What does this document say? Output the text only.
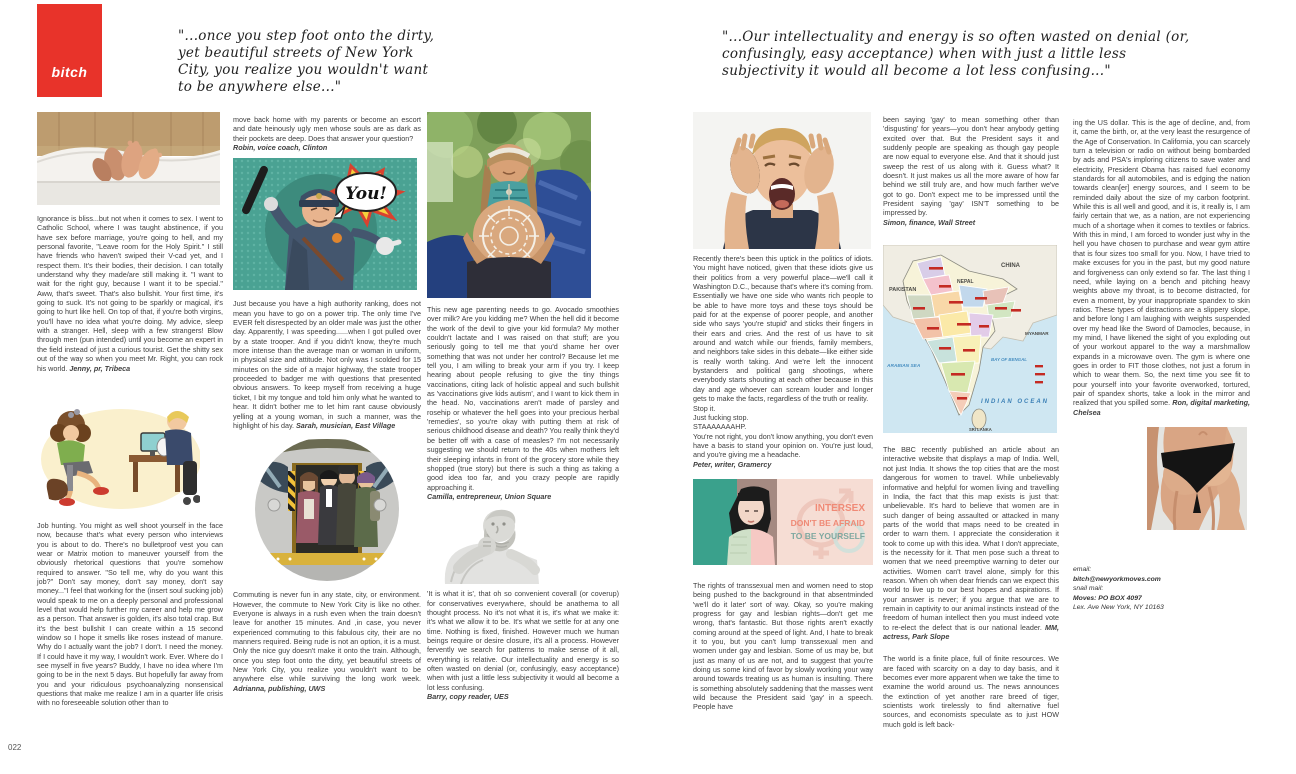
bitch
"...once you step foot onto the dirty, yet beautiful streets of New York City, you realize you wouldn't want to be anywhere else..."
"...Our intellectuality and energy is so often wasted on denial (or, confusingly, easy acceptance) when with just a little less subjectivity it would all become a lot less confusing..."
Ignorance is bliss...but not when it comes to sex. I went to Catholic School, where I was taught abstinence, if you have sex before marriage, you're going to hell, and my personal favorite, "Leave room for the Holy Spirit." I still have friends who haven't swiped their V-cad yet, and I respect them. It's their bodies, their decision. I can totally understand why they made/are still making it. "I want to wait for the right guy, because I want it to be special." Aww, that's sweet. That's also bullshit. Your first time, it's going to suck. It's not going to be sparkly or magical, it's going to hurt like hell. On top of that, if you're both virgins, you'll have no idea what you're doing. My advice, sleep with a stranger. Hell, sleep with a few strangers! Blow through men (pun intended) until you become an expert in the field instead of just a curious tourist. Get the shitty sex out of the way so when you meet Mr. Right, you can rock his world. Jenny, pr, Tribeca
Job hunting. You might as well shoot yourself in the face now, because that's what every person who interviews you is about to do. There's no bulletproof vest you can wear or Matrix motion to maneuver yourself from the obviously rhetorical questions that you're somehow required to answer. "So tell me, why do you want this job?" Don't say money, don't say money, don't say money..."I feel that working for the (insert soul sucking job) would speak to me on a deeply personal and professional level that would help further my career and help me grow as a person. That answer is golden, it's also total crap. But it's the best bullshit I can create within a 15 second window so I hope it smells like roses instead of manure. Why do I actually want the job? I don't. I need the money. If I could have it my way, I wouldn't work. Ever. Where do I see myself in five years? Buddy, I have no idea where I'm going to be in the next 5 days. But hopefully far away from you and your ridiculous psychoanalyzing nonsensical questions that make me realize I am in a quarter life crisis with no foreseeable solution other than to
move back home with my parents or become an escort and date heinously ugly men whose souls are as dark as their pockets are deep. Does that answer your question?
Robin, voice coach, Clinton
You!
Just because you have a high authority ranking, does not mean you have to go on a power trip. The only time I've EVER felt disrespected by an older male was just the other day. Apparently, I was speeding......when I got pulled over by a state trooper. And if you didn't know, they're much more intense than the average man or woman in uniform, in physical size and attitude. Not only was I scolded for 15 minutes on the side of a major highway, the state trooper proceeded to badger me with questions that presented obvious answers. To keep myself from receiving a huge ticket, I bit my tongue and told him only what he wanted to hear. It didn't bother me to let him rant cause obviously yelling at a young woman, in such a manner, was the highlight of his day. Sarah, musician, East Village
Commuting is never fun in any state, city, or environment. However, the commute to New York City is like no other. Everyone is always in a rush even when the train doesn't leave for another 15 minutes. And ,in case, you never experienced commuting to this fabulous city, their are no manners required. Being rude is not an option, it is a must. Only the nice guy doesn't make it onto the train. Although, once you step foot onto the dirty, yet beautiful streets of New York City, you realize you wouldn't want to be anywhere else while surviving the long work week. Adrianna, publishing, UWS
This new age parenting needs to go. Avocado smoothies over milk? Are you kidding me? When the hell did it become the work of the devil to give your kid formula? My mother couldn't lactate and I was raised on that stuff; are you seriously going to tell me that you'd shame her over something that was not under her control? Because let me tell you, I am willing to break your arm if you try. I keep hearing about people refusing to give the tiny things vaccinations, citing lack of holistic appeal and such bullshit as 'vaccinations give kids autism', and I want to kick them in the head. No, vaccinations aren't made of parsley and rosehip or whatever the hell goes into your precious herbal 'remedies', so you're okay with putting them at risk of serious childhood disease and death? You really think they'd be better off with a case of measles? I'm not necessarily suggesting we should return to the 40s when mothers left their sleeping infants in front of the grocery store while they shopped (true story) but there is such a thing as taking a good idea too far, and you crazy people are rapidly approaching it.
Camilla, entrepreneur, Union Square
'It is what it is', that oh so convenient coverall (or coverup) for conservatives everywhere, should be anathema to all thought process. No it's not what it is, it's what we make it: it's what we allow it to be. It's what we settle for at any one time. Nothing is fixed, finished. However much we human beings require or desire closure, it's all a process. However fervently we search for patterns to make sense of it all, everything is relative. Our intellectuality and energy is so often wasted on denial (or, confusingly, easy acceptance) when with just a little less subjectivity it would all become a lot less confusing.
Barry, copy reader, UES
Recently there's been this uptick in the politics of idiots. You might have noticed, given that these idiots give us their politics from a very powerful place—we'll call it Washington D.C., because that's where it's coming from. Essentially we have one side who wants rich people to be able to have more toys and these toys should be paid for at the expense of poorer people, and another side who says 'you're stupid' and sticks their fingers in their ears and cries. And the rest of us have to sit around and watch while our friends, family members, and neighbors take sides in this debate—like either side is really worth taking. And we're left the innocent bystanders and political gang shootings, where everybody starts shouting at each other because in this day and age whoever can scream louder and longer gets to make the facts, regardless of the truth or reality.
Stop it.
Just fucking stop.
STAAAAAAAHP.
You're not right, you don't know anything, you don't even have a basis to stand your opinion on. You're just loud, and you're giving me a headache.
Peter, writer, Gramercy
INTERSEX
DON'T BE AFRAID
TO BE YOURSELF
The rights of transsexual men and women need to stop being pushed to the background in that absentminded 'we'll do it later' sort of way. Okay, so you're making progress for gay and lesbian rights—don't get me wrong, that's fantastic. But those rights aren't exactly coming around at the speed of light. And, I hate to break it to you, but you can't lump transsexual men and women under gay and lesbian. Some of us may be, but just as many of us are not, and to suggest that you're doing us some kind of favor by slowly working your way around towards treating us as human is insulting. There is something absolutely saddening that the masses went wild because the President said 'gay' in a speech. People have
been saying 'gay' to mean something other than 'disgusting' for years—you don't hear anybody getting excited over that. But the President says it and suddenly people are speaking as though gay people are now equal to everyone else. And that it should just sweep the rest of us along with it. Guess what? It doesn't. It just makes us all the more aware of how far behind we still truly are, and how much farther we've got to go. Don't expect me to be impressed until the President saying 'gay' ISN'T something to be impressed by.
Simon, finance, Wall Street
CHINA
PAKISTAN
NEPAL
MYANMAR
ARABIAN SEA
BAY OF BENGAL
INDIAN OCEAN
SRI LANKA
The BBC recently published an article about an interactive website that displays a map of India. Well, not just India. It shows the top cities that are the most dangerous for women to travel. While unbelievably informative and helpful for women living and travelling in India, the fact that this map exists is just that: unbelievable. It's hard to believe that women are in such danger of being assaulted or attacked in many parts of the world that maps need to be created in order to warn them. I appreciate the consideration it took to come up with this idea. What I don't appreciate, is the necessity for it. That men pose such a threat to women that we need preemptive warning to deter our activities. Women can't travel alone, simply for this reason. When oh when dear friends can we expect this world to live up to our best hopes and aspirations. If your answer is never; if you argue that we are to remain in captivity to our animal instincts instead of the freedom of human intellect then you must indeed vote to re-elect the defect that is our national leader. MM, actress, Park Slope
The world is a finite place, full of finite resources. We are faced with scarcity on a day to day basis, and it becomes ever more apparent when we take the time to examine the world around us. The news announces the extinction of yet another rare breed of tiger, scientists work tirelessly to find alternative fuel sources, and economists speculate as to just HOW much gold is left back-
ing the US dollar. This is the age of decline, and, from it, came the birth, or, at the very least the resurgence of the Age of Conservation. In California, you can scarcely turn a television or radio on without being bombarded by ads and PSA's imploring citizens to save water and electricity, President Obama has raised fuel economy standards for all automobiles, and is edging the nation towards clean[er] energy sources, and I seem to be reminded daily about the size of my carbon footprint. While this is all well and good, and it is, it really is, I am fairly certain that we, as a nation, are not experiencing much of a shortage when it comes to textiles or fabrics. With this in mind, I am forced to wonder just why in the hell you have chosen to purchase and wear gym attire that is four sizes too small for you. Now, I have tried to make excuses for you in the past, but my good nature and forgiveness can only extend so far. The last thing I need, while laying on a bench and pitching heavy weights above my throat, is to become distracted, for even a moment, by your inappropriate spandex to skin ratios. These types of distractions are a slippery slope, and before long I am laughing with weights suspended over my head like the Sword of Damocles, because, in my mind, I have likened the sight of you exploding out of your workout apparel to the way a marshmallow expands in a microwave oven. The gym is where one goes in order to FIT those clothes, not just a forum in which to wear them. So, the next time you see fit to pour yourself into your favorite overworked, tortured, pair of spandex shorts, take a look in the mirror and realized that you spilled some. Ron, digital marketing, Chelsea
email:
bitch@newyorkmoves.com
snail mail:
Moves: PO BOX 4097
Lex. Ave New York, NY 10163
022
